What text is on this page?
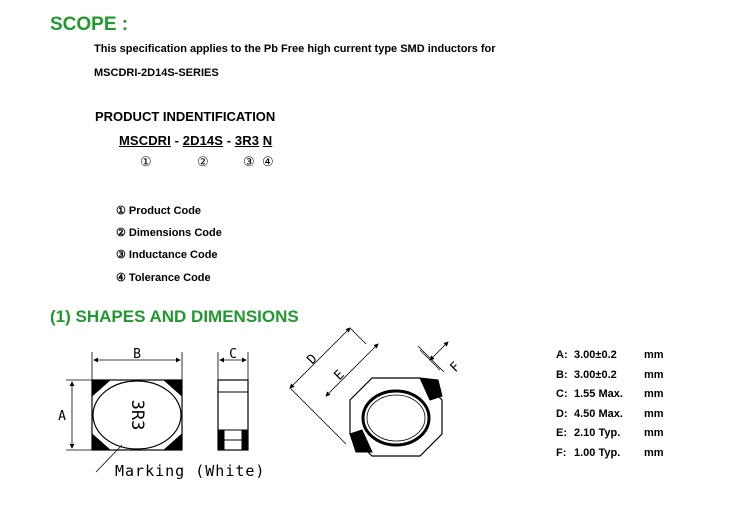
SCOPE :
This specification applies to the Pb Free high current type SMD inductors for
MSCDRI-2D14S-SERIES
PRODUCT INDENTIFICATION
MSCDRI - 2D14S - 3R3 N
①	②	③ ④
① Product Code
② Dimensions Code
③ Inductance Code
④ Tolerance Code
(1) SHAPES AND DIMENSIONS
B	C
A
D
E	F
3R3
Marking (White)
A: 3.00±0.2 mm
B: 3.00±0.2 mm
C: 1.55 Max. mm
D: 4.50 Max. mm
E: 2.10 Typ. mm
F: 1.00 Typ. mm
